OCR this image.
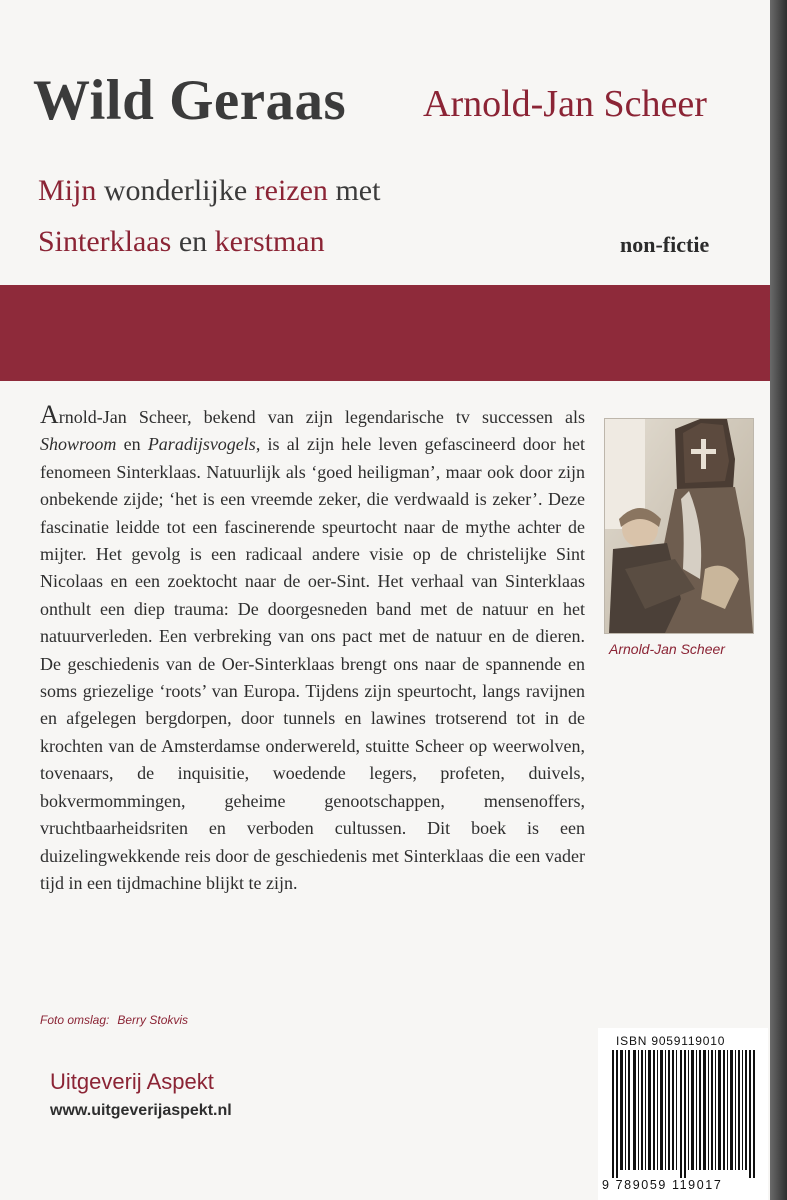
Wild Geraas Arnold-Jan Scheer
Mijn wonderlijke reizen met
Sinterklaas en kerstman	non-fictie

Arnold-Jan Scheer, bekend van zijn legendarische tv successen als Showroom en Paradijsvogels, is al zijn hele leven gefascineerd door het fenomeen Sinterklaas. Natuurlijk als ‘goed heiligman’, maar ook door zijn onbekende zijde; ‘het is een vreemde zeker, die verdwaald is zeker’. Deze fascinatie leidde tot een fascinerende speurtocht naar de mythe achter de mijter. Het gevolg is een radicaal andere visie op de christelijke Sint Nicolaas en een zoektocht naar de oer-Sint. Het verhaal van Sinterklaas onthult een diep trauma: De doorgesneden band met de natuur en het natuurverleden. Een verbreking van ons pact met de natuur en de dieren. De geschiedenis van de Oer-Sinterklaas brengt ons naar de spannende en soms griezelige ‘roots’ van Europa. Tijdens zijn speurtocht, langs ravijnen en afgelegen bergdorpen, door tunnels en lawines trotserend tot in de krochten van de Amsterdamse onderwereld, stuitte Scheer op weerwolven, tovenaars, de inquisitie, woedende legers, profeten, duivels, bokvermommingen, geheime genootschappen, mensenoffers, vruchtbaarheidsriten en verboden cultussen. Dit boek is een duizelingwekkende reis door de geschiedenis met Sinterklaas die een vader tijd in een tijdmachine blijkt te zijn.

Arnold-Jan Scheer
Foto omslag: Berry Stokvis
Uitgeverij Aspekt
www.uitgeverijaspekt.nl
ISBN 9059119010
9 789059 119017
